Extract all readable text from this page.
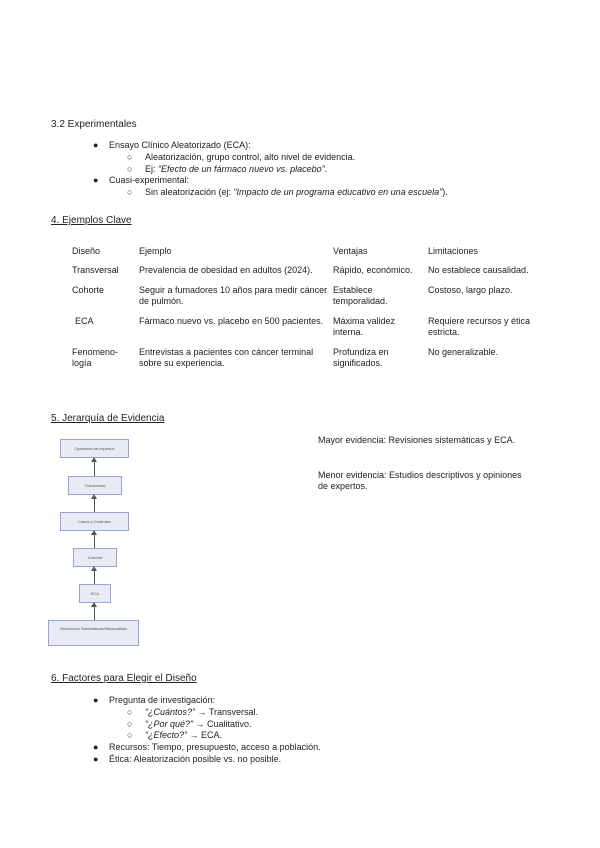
3.2 Experimentales
● Ensayo Clínico Aleatorizado (ECA):
○ Aleatorización, grupo control, alto nivel de evidencia.
○ Ej: “Efecto de un fármaco nuevo vs. placebo”.
● Cuasi-experimental:
○ Sin aleatorización (ej: “Impacto de un programa educativo en una escuela”).
4. Ejemplos Clave
Diseño	Ejemplo	Ventajas	Limitaciones
Transversal	Prevalencia de obesidad en adultos (2024).	Rápido, económico.	No establece causalidad.
Cohorte	Seguir a fumadores 10 años para medir cáncer de pulmón.	Establece temporalidad.	Costoso, largo plazo.
ECA	Fármaco nuevo vs. placebo en 500 pacientes.	Máxima validez interna.	Requiere recursos y ética estricta.
Fenomeno-logía	Entrevistas a pacientes con cáncer terminal sobre su experiencia.	Profundiza en significados.	No generalizable.
5. Jerarquía de Evidencia
Opiniones de expertos
Transversal
Casos y Controles
Cohorte
ECA
Revisiones Sistemáticas/Metaanálisis
Mayor evidencia: Revisiones sistemáticas y ECA.
Menor evidencia: Estudios descriptivos y opiniones de expertos.
6. Factores para Elegir el Diseño
● Pregunta de investigación:
○ “¿Cuántos?” → Transversal.
○ “¿Por qué?” → Cualitativo.
○ “¿Efecto?” → ECA.
● Recursos: Tiempo, presupuesto, acceso a población.
● Ética: Aleatorización posible vs. no posible.
